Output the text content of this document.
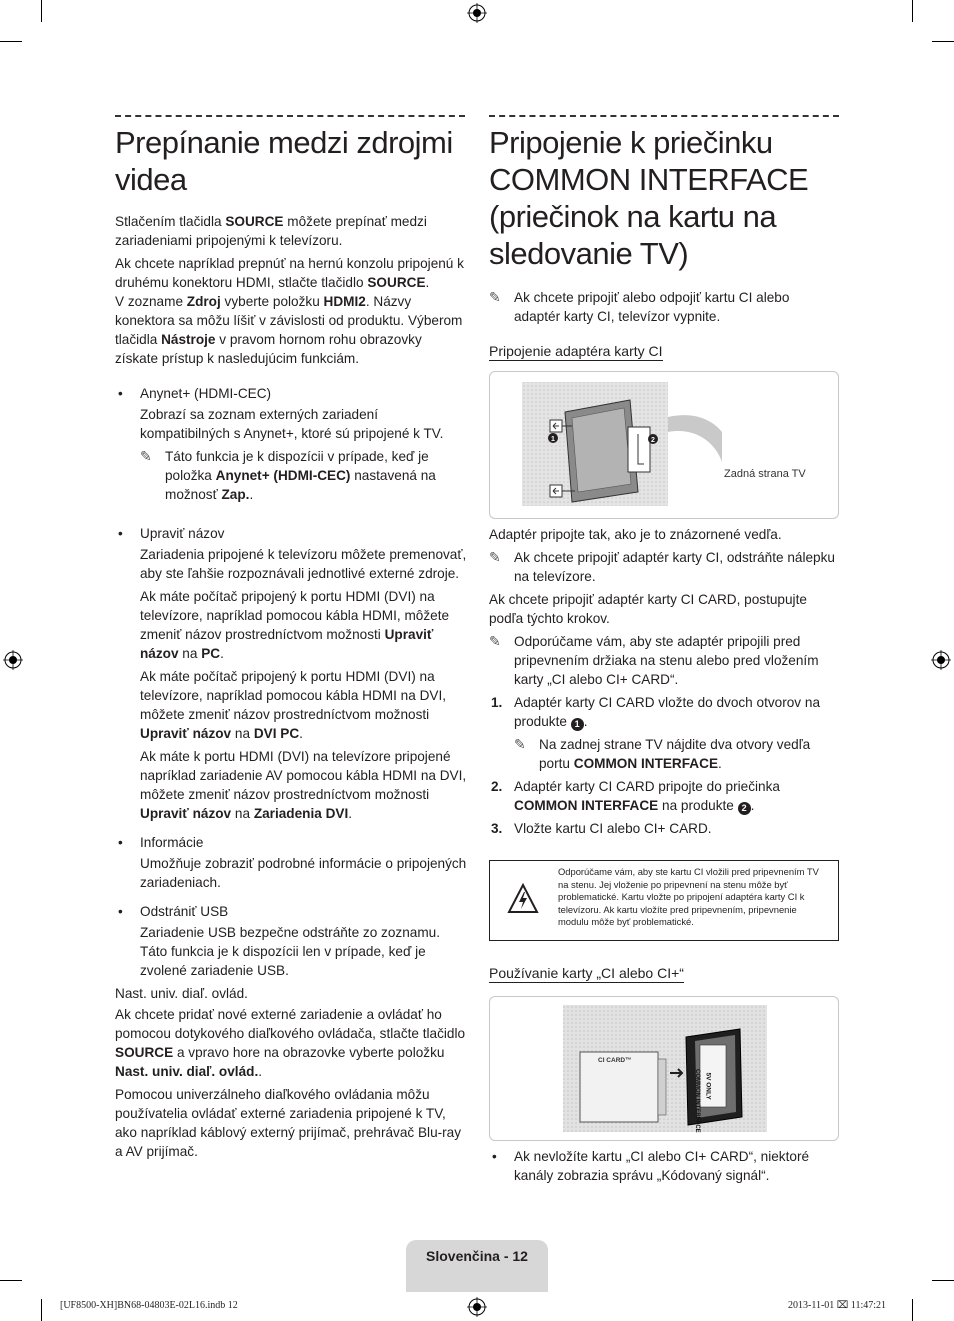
Prepínanie medzi zdrojmi
videa

Stlačením tlačidla SOURCE môžete prepínať medzi zariadeniami pripojenými k televízoru.

Ak chcete napríklad prepnúť na hernú konzolu pripojenú k druhému konektoru HDMI, stlačte tlačidlo SOURCE.

V zozname Zdroj vyberte položku HDMI2. Názvy konektora sa môžu líšiť v závislosti od produktu. Výberom tlačidla Nástroje v pravom hornom rohu obrazovky získate prístup k nasledujúcim funkciám.

• Anynet+ (HDMI-CEC)

Zobrazí sa zoznam externých zariadení kompatibilných s Anynet+, ktoré sú pripojené k TV.

✎ Táto funkcia je k dispozícii v prípade, keď je položka Anynet+ (HDMI-CEC) nastavená na možnosť Zap..
• Upraviť názov

Zariadenia pripojené k televízoru môžete premenovať, aby ste ľahšie rozpoznávali jednotlivé externé zdroje.

Ak máte počítač pripojený k portu HDMI (DVI) na televízore, napríklad pomocou kábla HDMI, môžete zmeniť názov prostredníctvom možnosti Upraviť názov na PC.

Ak máte počítač pripojený k portu HDMI (DVI) na televízore, napríklad pomocou kábla HDMI na DVI, môžete zmeniť názov prostredníctvom možnosti Upraviť názov na DVI PC.

Ak máte k portu HDMI (DVI) na televízore pripojené napríklad zariadenie AV pomocou kábla HDMI na DVI, môžete zmeniť názov prostredníctvom možnosti Upraviť názov na Zariadenia DVI.

• Informácie

Umožňuje zobraziť podrobné informácie o pripojených zariadeniach.

• Odstrániť USB

Zariadenie USB bezpečne odstráňte zo zoznamu. Táto funkcia je k dispozícii len v prípade, keď je zvolené zariadenie USB.

Nast. univ. diaľ. ovlád.

Ak chcete pridať nové externé zariadenie a ovládať ho pomocou dotykového diaľkového ovládača, stlačte tlačidlo SOURCE a vpravo hore na obrazovke vyberte položku Nast. univ. diaľ. ovlád..

Pomocou univerzálneho diaľkového ovládania môžu používatelia ovládať externé zariadenia pripojené k TV, ako napríklad káblový externý prijímač, prehrávač Blu-ray a AV prijímač.

Pripojenie k priečinku
COMMON INTERFACE
(priečinok na kartu na
sledovanie TV)
✎ Ak chcete pripojiť alebo odpojiť kartu CI alebo adaptér karty CI, televízor vypnite.
Pripojenie adaptéra karty CI
1	2
Zadná strana TV

Adaptér pripojte tak, ako je to znázornené vedľa.

✎ Ak chcete pripojiť adaptér karty CI, odstráňte nálepku na televízore.

Ak chcete pripojiť adaptér karty CI CARD, postupujte podľa týchto krokov.

✎ Odporúčame vám, aby ste adaptér pripojili pred pripevnením držiaka na stenu alebo pred vložením karty „CI alebo CI+ CARD“.
1. Adaptér karty CI CARD vložte do dvoch otvorov na produkte 1 .
✎ Na zadnej strane TV nájdite dva otvory vedľa portu COMMON INTERFACE.
2. Adaptér karty CI CARD pripojte do priečinka COMMON INTERFACE na produkte 2 .
3. Vložte kartu CI alebo CI+ CARD.
Odporúčame vám, aby ste kartu CI vložili pred pripevnením TV na stenu. Jej vloženie po pripevnení na stenu môže byť problematické. Kartu vložte po pripojení adaptéra karty CI k televízoru. Ak kartu vložíte pred pripevnením, pripevnenie modulu môže byť problematické.
Používanie karty „CI alebo CI+“
CI CARD™
COMMON INTERFACE 5V ONLY
• Ak nevložíte kartu „CI alebo CI+ CARD“, niektoré kanály zobrazia správu „Kódovaný signál“.
Slovenčina - 12
[UF8500-XH]BN68-04803E-02L16.indb 12	2013-11-01 ⌧ 11:47:21
